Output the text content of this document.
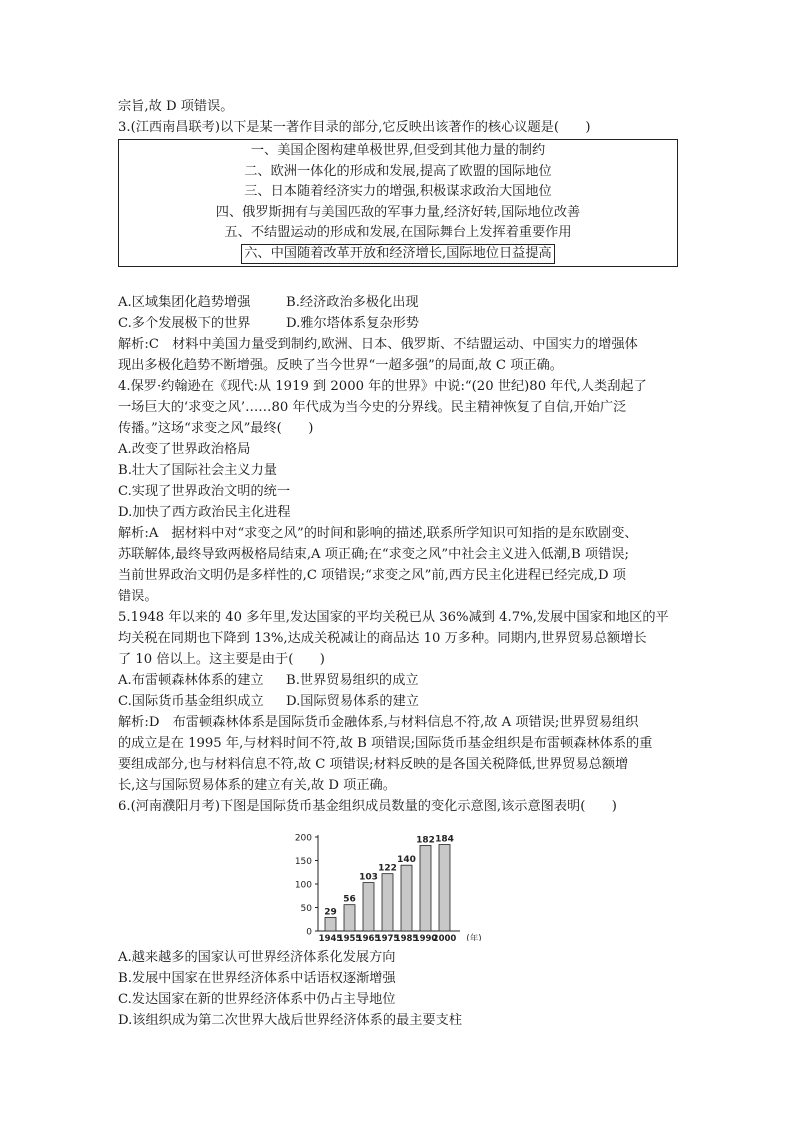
宗旨,故 D 项错误。
3.(江西南昌联考)以下是某一著作目录的部分,它反映出该著作的核心议题是(　　)
一、美国企图构建单极世界,但受到其他力量的制约
二、欧洲一体化的形成和发展,提高了欧盟的国际地位
三、日本随着经济实力的增强,积极谋求政治大国地位
四、俄罗斯拥有与美国匹敌的军事力量,经济好转,国际地位改善
五、不结盟运动的形成和发展,在国际舞台上发挥着重要作用
六、中国随着改革开放和经济增长,国际地位日益提高
A.区域集团化趋势增强	B.经济政治多极化出现
C.多个发展极下的世界	D.雅尔塔体系复杂形势
解析:C　材料中美国力量受到制约,欧洲、日本、俄罗斯、不结盟运动、中国实力的增强体
现出多极化趋势不断增强。反映了当今世界“一超多强”的局面,故 C 项正确。
4.保罗·约翰逊在《现代:从 1919 到 2000 年的世界》中说:“(20 世纪)80 年代,人类刮起了
一场巨大的‘求变之风’……80 年代成为当今史的分界线。民主精神恢复了自信,开始广泛
传播。”这场“求变之风”最终(　　)
A.改变了世界政治格局
B.壮大了国际社会主义力量
C.实现了世界政治文明的统一
D.加快了西方政治民主化进程
解析:A　据材料中对“求变之风”的时间和影响的描述,联系所学知识可知指的是东欧剧变、
苏联解体,最终导致两极格局结束,A 项正确;在“求变之风”中社会主义进入低潮,B 项错误;
当前世界政治文明仍是多样性的,C 项错误;“求变之风”前,西方民主化进程已经完成,D 项
错误。
5.1948 年以来的 40 多年里,发达国家的平均关税已从 36%减到 4.7%,发展中国家和地区的平
均关税在同期也下降到 13%,达成关税减让的商品达 10 万多种。同期内,世界贸易总额增长
了 10 倍以上。这主要是由于(　　)
A.布雷顿森林体系的建立 B.世界贸易组织的成立
C.国际货币基金组织成立 D.国际贸易体系的建立
解析:D　布雷顿森林体系是国际货币金融体系,与材料信息不符,故 A 项错误;世界贸易组织
的成立是在 1995 年,与材料时间不符,故 B 项错误;国际货币基金组织是布雷顿森林体系的重
要组成部分,也与材料信息不符,故 C 项错误;材料反映的是各国关税降低,世界贸易总额增
长,这与国际贸易体系的建立有关,故 D 项正确。
6.(河南濮阳月考)下图是国际货币基金组织成员数量的变化示意图,该示意图表明(　　)
0
50
100
150
200
29
1945
56
1955
103
1965
122
1975
140
1985
182
1990
184
2000 (年)
A.越来越多的国家认可世界经济体系化发展方向
B.发展中国家在世界经济体系中话语权逐渐增强
C.发达国家在新的世界经济体系中仍占主导地位
D.该组织成为第二次世界大战后世界经济体系的最主要支柱
